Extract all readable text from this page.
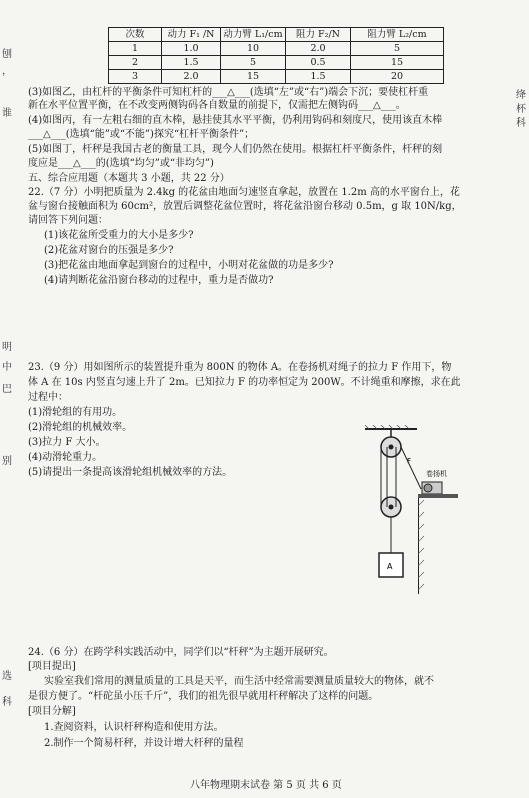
刨
，
谁
明
中
巴
别
选
科
绛
杯
科
次数	动力 F₁ /N	动力臂 L₁/cm	阻力 F₂/N	阻力臂 L₂/cm
1	1.0	10	2.0	5
2	1.5	5	0.5	15
3	2.0	15	1.5	20
(3)如图乙，由杠杆的平衡条件可知杠杆的___△___(选填“左”或“右”)端会下沉；要使杠杆重
新在水平位置平衡，在不改变两侧钩码各自数量的前提下，仅需把左侧钩码___△___。
(4)如图丙，有一左粗右细的直木棒，悬挂使其水平平衡，仍利用钩码和刻度尺，使用该直木棒
___△___(选填“能”或“不能”)探究“杠杆平衡条件”；
(5)如图丁，杆秤是我国古老的衡量工具，现今人们仍然在使用。根据杠杆平衡条件，杆秤的刻
度应是___△___的(选填“均匀”或“非均匀”)
五、综合应用题（本题共 3 小题，共 22 分）
22.（7 分）小明把质量为 2.4kg 的花盆由地面匀速竖直拿起，放置在 1.2m 高的水平窗台上，花
盆与窗台接触面积为 60cm²，放置后调整花盆位置时，将花盆沿窗台移动 0.5m，g 取 10N/kg，
请回答下列问题：
(1)该花盆所受重力的大小是多少?
(2)花盆对窗台的压强是多少?
(3)把花盆由地面拿起到窗台的过程中，小明对花盆做的功是多少?
(4)请判断花盆沿窗台移动的过程中，重力是否做功?
23.（9 分）用如图所示的装置提升重为 800N 的物体 A。在卷扬机对绳子的拉力 F 作用下，物
体 A 在 10s 内竖直匀速上升了 2m。已知拉力 F 的功率恒定为 200W。不计绳重和摩擦，求在此
过程中：
(1)滑轮组的有用功。
(2)滑轮组的机械效率。
(3)拉力 F 大小。
(4)动滑轮重力。
(5)请提出一条提高该滑轮组机械效率的方法。
24.（6 分）在跨学科实践活动中，同学们以“杆秤”为主题开展研究。
[项目提出]
实验室我们常用的测量质量的工具是天平，而生活中经常需要测量质量较大的物体，就不
是很方便了。“杆砣虽小压千斤”，我们的祖先很早就用杆秤解决了这样的问题。
[项目分解]
1.查阅资料，认识杆秤构造和使用方法。
2.制作一个简易杆秤，并设计增大杆秤的量程
A
F
卷扬机
八年物理期末试卷 第 5 页 共 6 页
